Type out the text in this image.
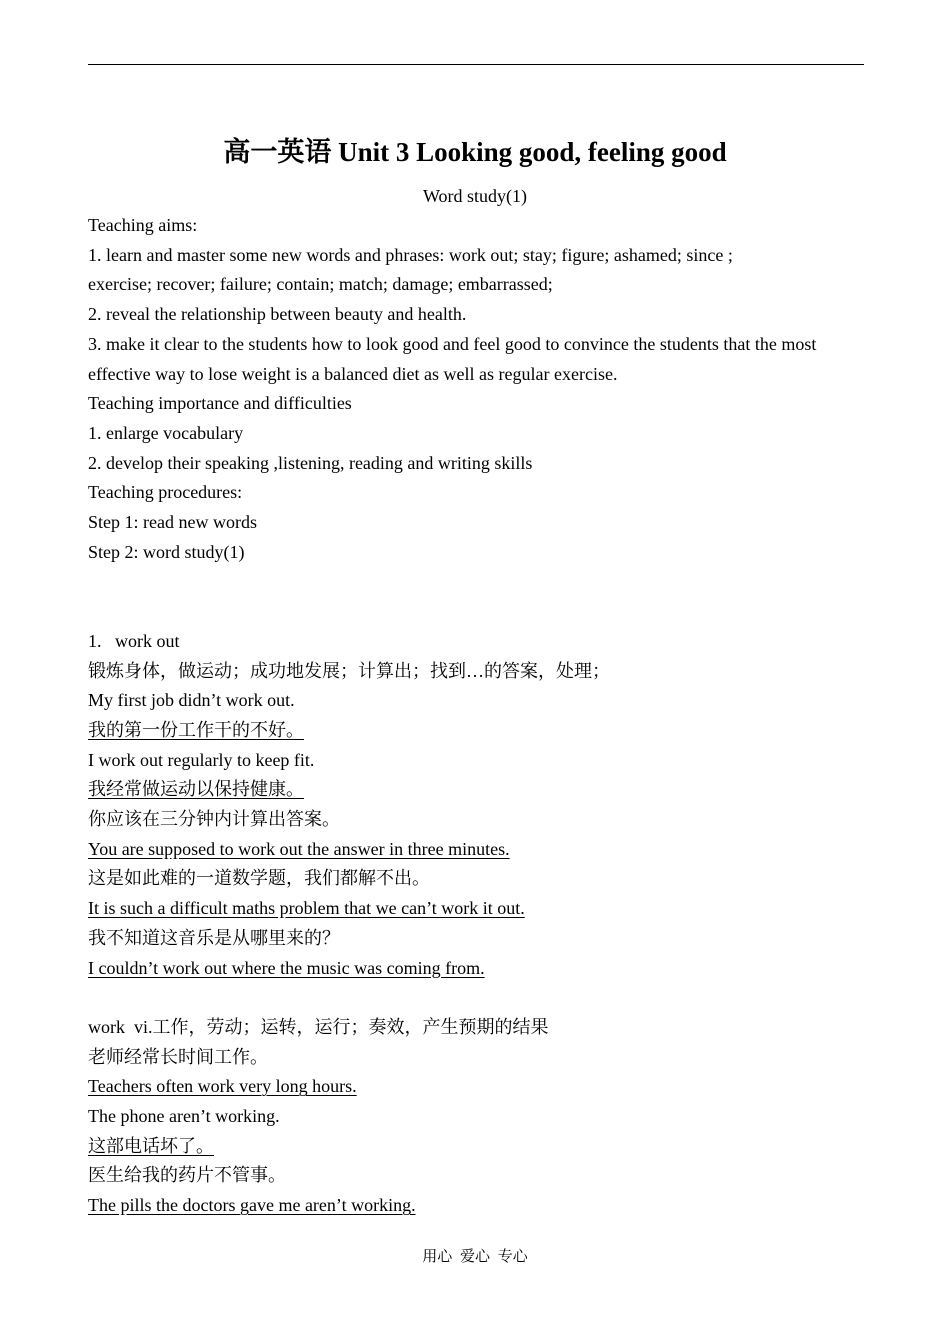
高一英语 Unit 3 Looking good, feeling good
Word study(1)
Teaching aims:
1. learn and master some new words and phrases: work out; stay; figure; ashamed; since ;
exercise; recover; failure; contain; match; damage; embarrassed;
2. reveal the relationship between beauty and health.
3. make it clear to the students how to look good and feel good to convince the students that the most effective way to lose weight is a balanced diet as well as regular exercise.
Teaching importance and difficulties
1. enlarge vocabulary
2. develop their speaking ,listening, reading and writing skills
Teaching procedures:
Step 1: read new words
Step 2: word study(1)
1.   work out
锻炼身体，做运动；成功地发展；计算出；找到…的答案，处理；
My first job didn’t work out.
我的第一份工作干的不好。
I work out regularly to keep fit.
我经常做运动以保持健康。
你应该在三分钟内计算出答案。
You are supposed to work out the answer in three minutes.
这是如此难的一道数学题，我们都解不出。
It is such a difficult maths problem that we can’t work it out.
我不知道这音乐是从哪里来的？
I couldn’t work out where the music was coming from.
work  vi.工作，劳动；运转，运行；奏效，产生预期的结果
老师经常长时间工作。
Teachers often work very long hours.
The phone aren’t working.
这部电话坏了。
医生给我的药片不管事。
The pills the doctors gave me aren’t working.
用心 爱心 专心
